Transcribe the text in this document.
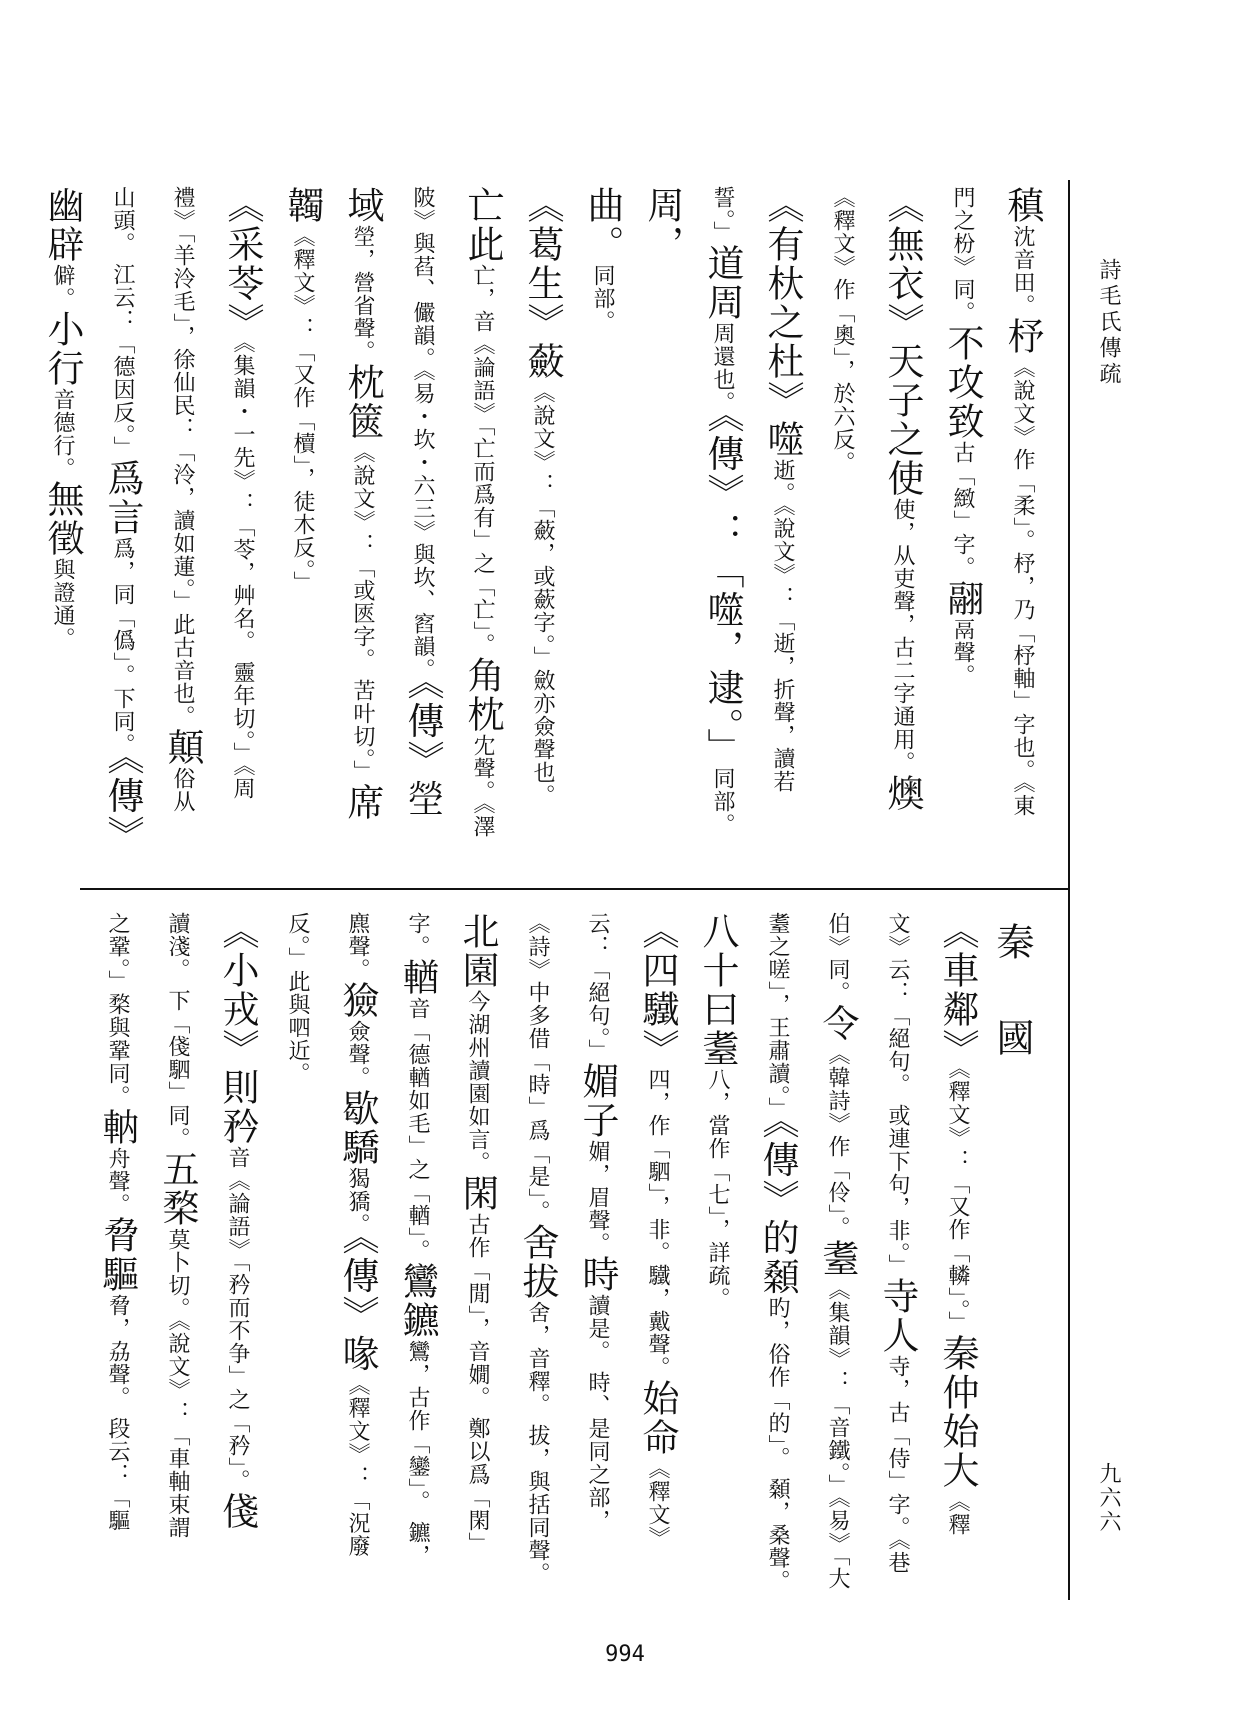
詩毛氏傳疏
九六六
稹沈音田。杼《說文》作「柔」。杼，乃「杼軸」字也。《東
門之枌》同。不攻致古「緻」字。翮鬲聲。
《無衣》天子之使使，从吏聲，古二字通用。燠
《釋文》作「奧」，於六反。
《有杕之杜》噬逝。《說文》：「逝，折聲，讀若
誓。」道周周還也。《傳》：「噬，逮。」同部。周，
曲。同部。
《葛生》蘞《說文》：「蘞，或蘝字。」斂亦僉聲也。
亡此亡，音《論語》「亡而爲有」之「亡」。角枕冘聲。《澤
陂》與萏、儼韻。《易・坎・六三》與坎、窞韻。《傳》塋
域塋，營省聲。枕篋《說文》：「或匧字。 苦叶切。」席
韣《釋文》：「又作「櫝」，徒木反。」
《采苓》《集韻・一先》：「苓，艸名。 靈年切。」《周
禮》「羊泠毛」，徐仙民：「泠，讀如蓮。」此古音也。顛俗从
山頭。 江云：「德因反。」爲言爲，同「僞」。下同。《傳》
幽辟僻。小行音德行。無徵與證通。
秦國
《車鄰》《釋文》：「又作「轔」。」秦仲始大《釋
文》云：「絕句。 或連下句，非。」寺人寺，古「侍」字。《巷
伯》同。令《韓詩》作「伶」。耋《集韻》：「音鐵。」《易》「大
耋之嗟」，王肅讀。」《傳》的顙旳，俗作「的」。 顙，桑聲。
八十曰耋八，當作「七」，詳疏。
《四驖》四，作「駟」，非。驖，戴聲。始命《釋文》
云：「絕句。」媚子媚，眉聲。時讀是。 時、是同之部，
《詩》中多借「時」爲「是」。舍拔舍，音釋。 拔，與括同聲。
北園今湖州讀園如言。閑古作「閒」，音嫺。 鄭以爲「閑」
字。輶音「德輶如毛」之「輶」。鸞鑣鸞，古作「鑾」。 鑣，
麃聲。獫僉聲。歇驕猲獢。《傳》喙《釋文》：「況廢
反。」此與呬近。
《小戎》則矜音《論語》「矜而不争」之「矜」。俴
讀淺。 下「俴駟」同。五楘莫卜切。《說文》：「車軸束謂
之鞏。」楘與鞏同。軜舟聲。脅驅脅，劦聲。 段云：「驅
994
